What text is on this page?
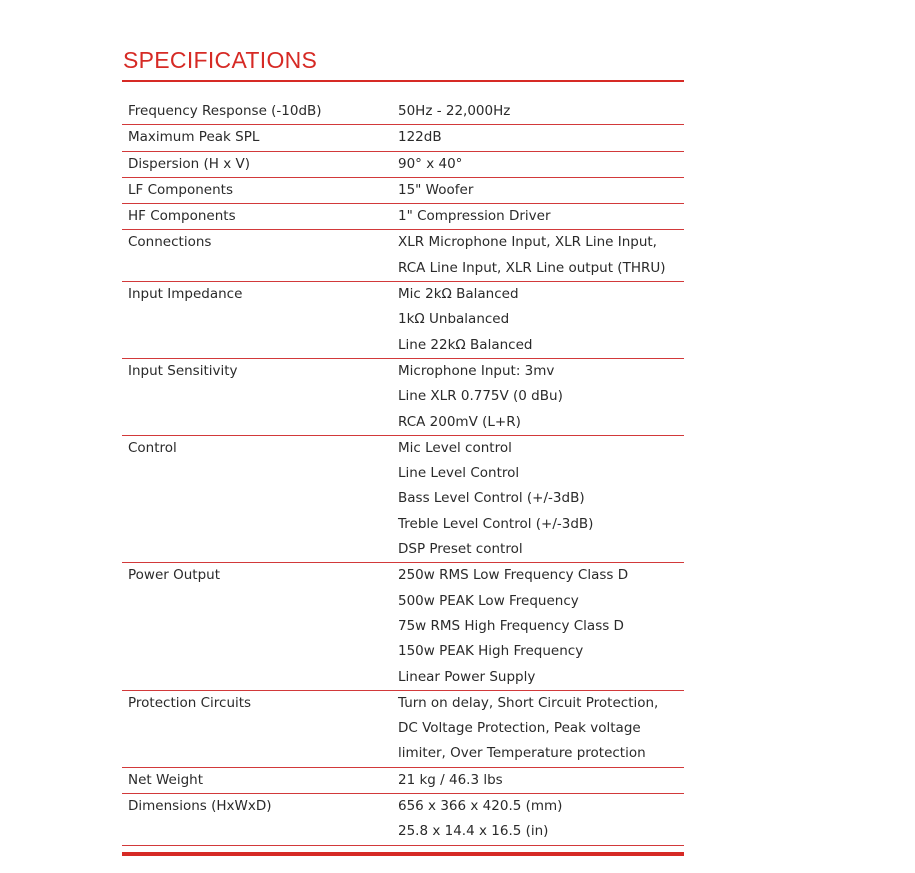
SPECIFICATIONS
Frequency Response (-10dB)	50Hz - 22,000Hz
Maximum Peak SPL	122dB
Dispersion (H x V)	90° x 40°
LF Components	15" Woofer
HF Components	1" Compression Driver
Connections	XLR Microphone Input, XLR Line Input,
RCA Line Input, XLR Line output (THRU)
Input Impedance	Mic 2kΩ Balanced
1kΩ Unbalanced
Line 22kΩ Balanced
Input Sensitivity	Microphone Input: 3mv
Line XLR 0.775V (0 dBu)
RCA 200mV (L+R)
Control	Mic Level control
Line Level Control
Bass Level Control (+/-3dB)
Treble Level Control (+/-3dB)
DSP Preset control
Power Output	250w RMS Low Frequency Class D
500w PEAK Low Frequency
75w RMS High Frequency Class D
150w PEAK High Frequency
Linear Power Supply
Protection Circuits	Turn on delay, Short Circuit Protection,
DC Voltage Protection, Peak voltage
limiter, Over Temperature protection
Net Weight	21 kg / 46.3 lbs
Dimensions (HxWxD)	656 x 366 x 420.5 (mm)
25.8 x 14.4 x 16.5 (in)
